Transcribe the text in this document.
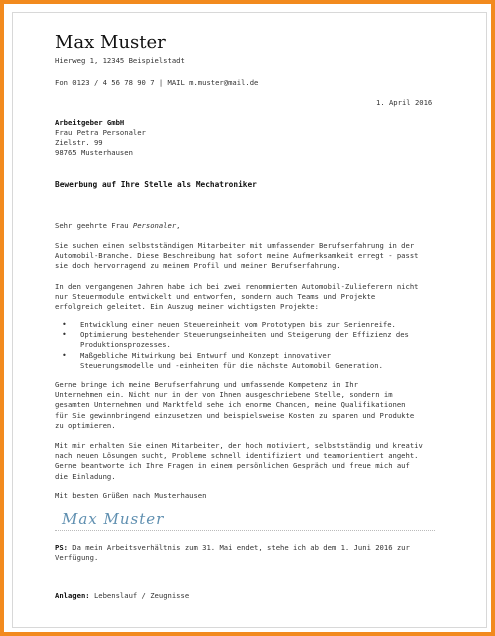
Max Muster
Hierweg 1, 12345 Beispielstadt
Fon 0123 / 4 56 78 90 7 | MAIL m.muster@mail.de
1. April 2016
Arbeitgeber GmbH
Frau Petra Personaler
Zielstr. 99
98765 Musterhausen
Bewerbung auf Ihre Stelle als Mechatroniker
Sehr geehrte Frau Personaler,
Sie suchen einen selbstständigen Mitarbeiter mit umfassender Berufserfahrung in der
Automobil-Branche. Diese Beschreibung hat sofort meine Aufmerksamkeit erregt - passt
sie doch hervorragend zu meinem Profil und meiner Berufserfahrung.
In den vergangenen Jahren habe ich bei zwei renommierten Automobil-Zulieferern nicht
nur Steuermodule entwickelt und entworfen, sondern auch Teams und Projekte
erfolgreich geleitet. Ein Auszug meiner wichtigsten Projekte:
• Entwicklung einer neuen Steuereinheit vom Prototypen bis zur Serienreife.
• Optimierung bestehender Steuerungseinheiten und Steigerung der Effizienz des
Produktionsprozesses.
• Maßgebliche Mitwirkung bei Entwurf und Konzept innovativer
Steuerungsmodelle und -einheiten für die nächste Automobil Generation.
Gerne bringe ich meine Berufserfahrung und umfassende Kompetenz in Ihr
Unternehmen ein. Nicht nur in der von Ihnen ausgeschriebene Stelle, sondern im
gesamten Unternehmen und Marktfeld sehe ich enorme Chancen, meine Qualifikationen
für Sie gewinnbringend einzusetzen und beispielsweise Kosten zu sparen und Produkte
zu optimieren.
Mit mir erhalten Sie einen Mitarbeiter, der hoch motiviert, selbstständig und kreativ
nach neuen Lösungen sucht, Probleme schnell identifiziert und teamorientiert angeht.
Gerne beantworte ich Ihre Fragen in einem persönlichen Gespräch und freue mich auf
die Einladung.
Mit besten Grüßen nach Musterhausen
Max Muster
PS: Da mein Arbeitsverhältnis zum 31. Mai endet, stehe ich ab dem 1. Juni 2016 zur
Verfügung.
Anlagen: Lebenslauf / Zeugnisse
